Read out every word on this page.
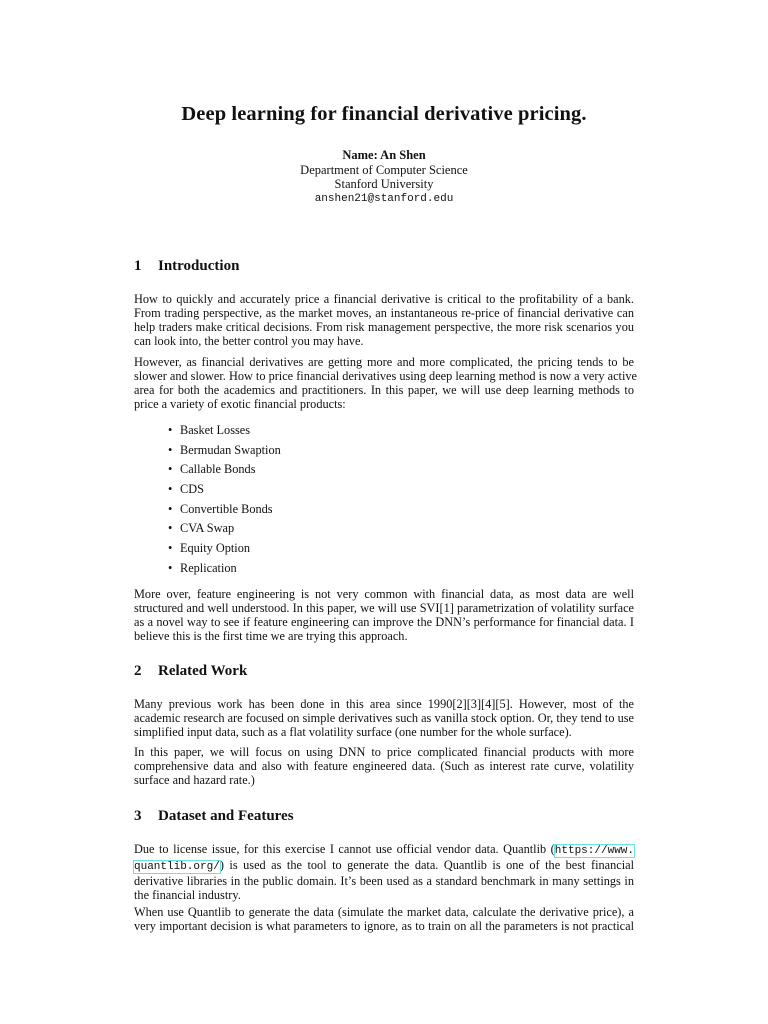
Deep learning for financial derivative pricing.
Name: An Shen
Department of Computer Science
Stanford University
anshen21@stanford.edu
1 Introduction
How to quickly and accurately price a financial derivative is critical to the profitability of a bank.
From trading perspective, as the market moves, an instantaneous re-price of financial derivative can
help traders make critical decisions. From risk management perspective, the more risk scenarios you
can look into, the better control you may have.
However, as financial derivatives are getting more and more complicated, the pricing tends to be
slower and slower. How to price financial derivatives using deep learning method is now a very active
area for both the academics and practitioners. In this paper, we will use deep learning methods to
price a variety of exotic financial products:
• Basket Losses
• Bermudan Swaption
• Callable Bonds
• CDS
• Convertible Bonds
• CVA Swap
• Equity Option
• Replication
More over, feature engineering is not very common with financial data, as most data are well
structured and well understood. In this paper, we will use SVI[1] parametrization of volatility surface
as a novel way to see if feature engineering can improve the DNN’s performance for financial data. I
believe this is the first time we are trying this approach.
2 Related Work
Many previous work has been done in this area since 1990[2][3][4][5]. However, most of the
academic research are focused on simple derivatives such as vanilla stock option. Or, they tend to use
simplified input data, such as a flat volatility surface (one number for the whole surface).
In this paper, we will focus on using DNN to price complicated financial products with more
comprehensive data and also with feature engineered data. (Such as interest rate curve, volatility
surface and hazard rate.)
3 Dataset and Features
Due to license issue, for this exercise I cannot use official vendor data. Quantlib (https://www.
quantlib.org/) is used as the tool to generate the data. Quantlib is one of the best financial
derivative libraries in the public domain. It’s been used as a standard benchmark in many settings in
the financial industry.
When use Quantlib to generate the data (simulate the market data, calculate the derivative price), a
very important decision is what parameters to ignore, as to train on all the parameters is not practical
